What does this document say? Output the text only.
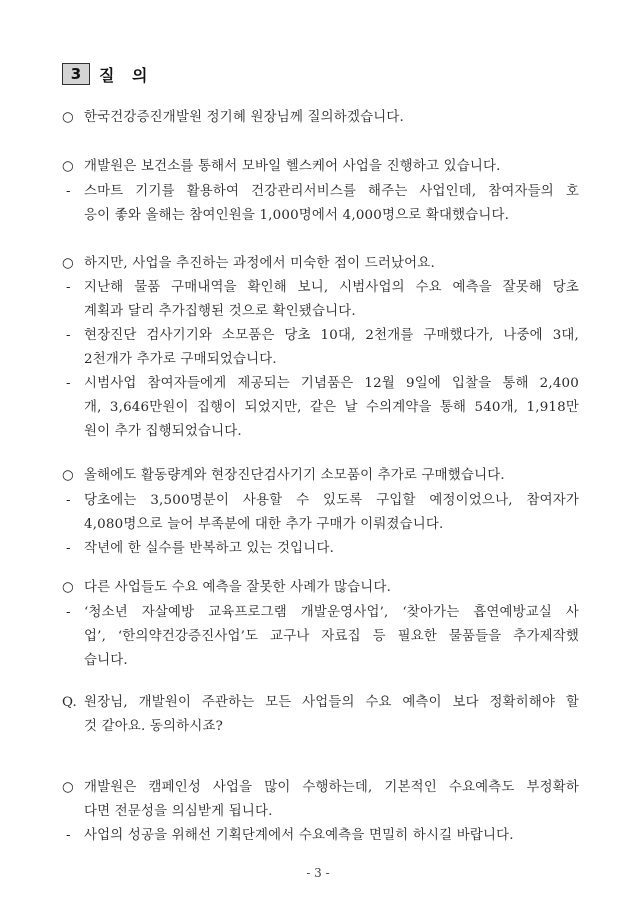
3	질 의
○ 한국건강증진개발원 정기혜 원장님께 질의하겠습니다.
○ 개발원은 보건소를 통해서 모바일 헬스케어 사업을 진행하고 있습니다.
- 스마트 기기를 활용하여 건강관리서비스를 해주는 사업인데, 참여자들의 호
응이 좋와 올해는 참여인원을 1,000명에서 4,000명으로 확대했습니다.
○ 하지만, 사업을 추진하는 과정에서 미숙한 점이 드러났어요.
- 지난해 물품 구매내역을 확인해 보니, 시범사업의 수요 예측을 잘못해 당초
계획과 달리 추가집행된 것으로 확인됐습니다.
- 현장진단 검사기기와 소모품은 당초 10대, 2천개를 구매했다가, 나중에 3대,
2천개가 추가로 구매되었습니다.
- 시범사업 참여자들에게 제공되는 기념품은 12월 9일에 입찰을 통해 2,400
개, 3,646만원이 집행이 되었지만, 같은 날 수의계약을 통해 540개, 1,918만
원이 추가 집행되었습니다.
○ 올해에도 활동량계와 현장진단검사기기 소모품이 추가로 구매했습니다.
- 당초에는 3,500명분이 사용할 수 있도록 구입할 예정이었으나, 참여자가
4,080명으로 늘어 부족분에 대한 추가 구매가 이뤄졌습니다.
- 작년에 한 실수를 반복하고 있는 것입니다.
○ 다른 사업들도 수요 예측을 잘못한 사례가 많습니다.
- ‘청소년 자살예방 교육프로그램 개발운영사업’, ‘찾아가는 흡연예방교실 사
업’, ‘한의약건강증진사업’도 교구나 자료집 등 필요한 물품들을 추가제작했
습니다.
Q. 원장님, 개발원이 주관하는 모든 사업들의 수요 예측이 보다 정확히해야 할
것 같아요. 동의하시죠?
○ 개발원은 캠페인성 사업을 많이 수행하는데, 기본적인 수요예측도 부정확하
다면 전문성을 의심받게 됩니다.
- 사업의 성공을 위해선 기획단계에서 수요예측을 면밀히 하시길 바랍니다.
- 3 -
